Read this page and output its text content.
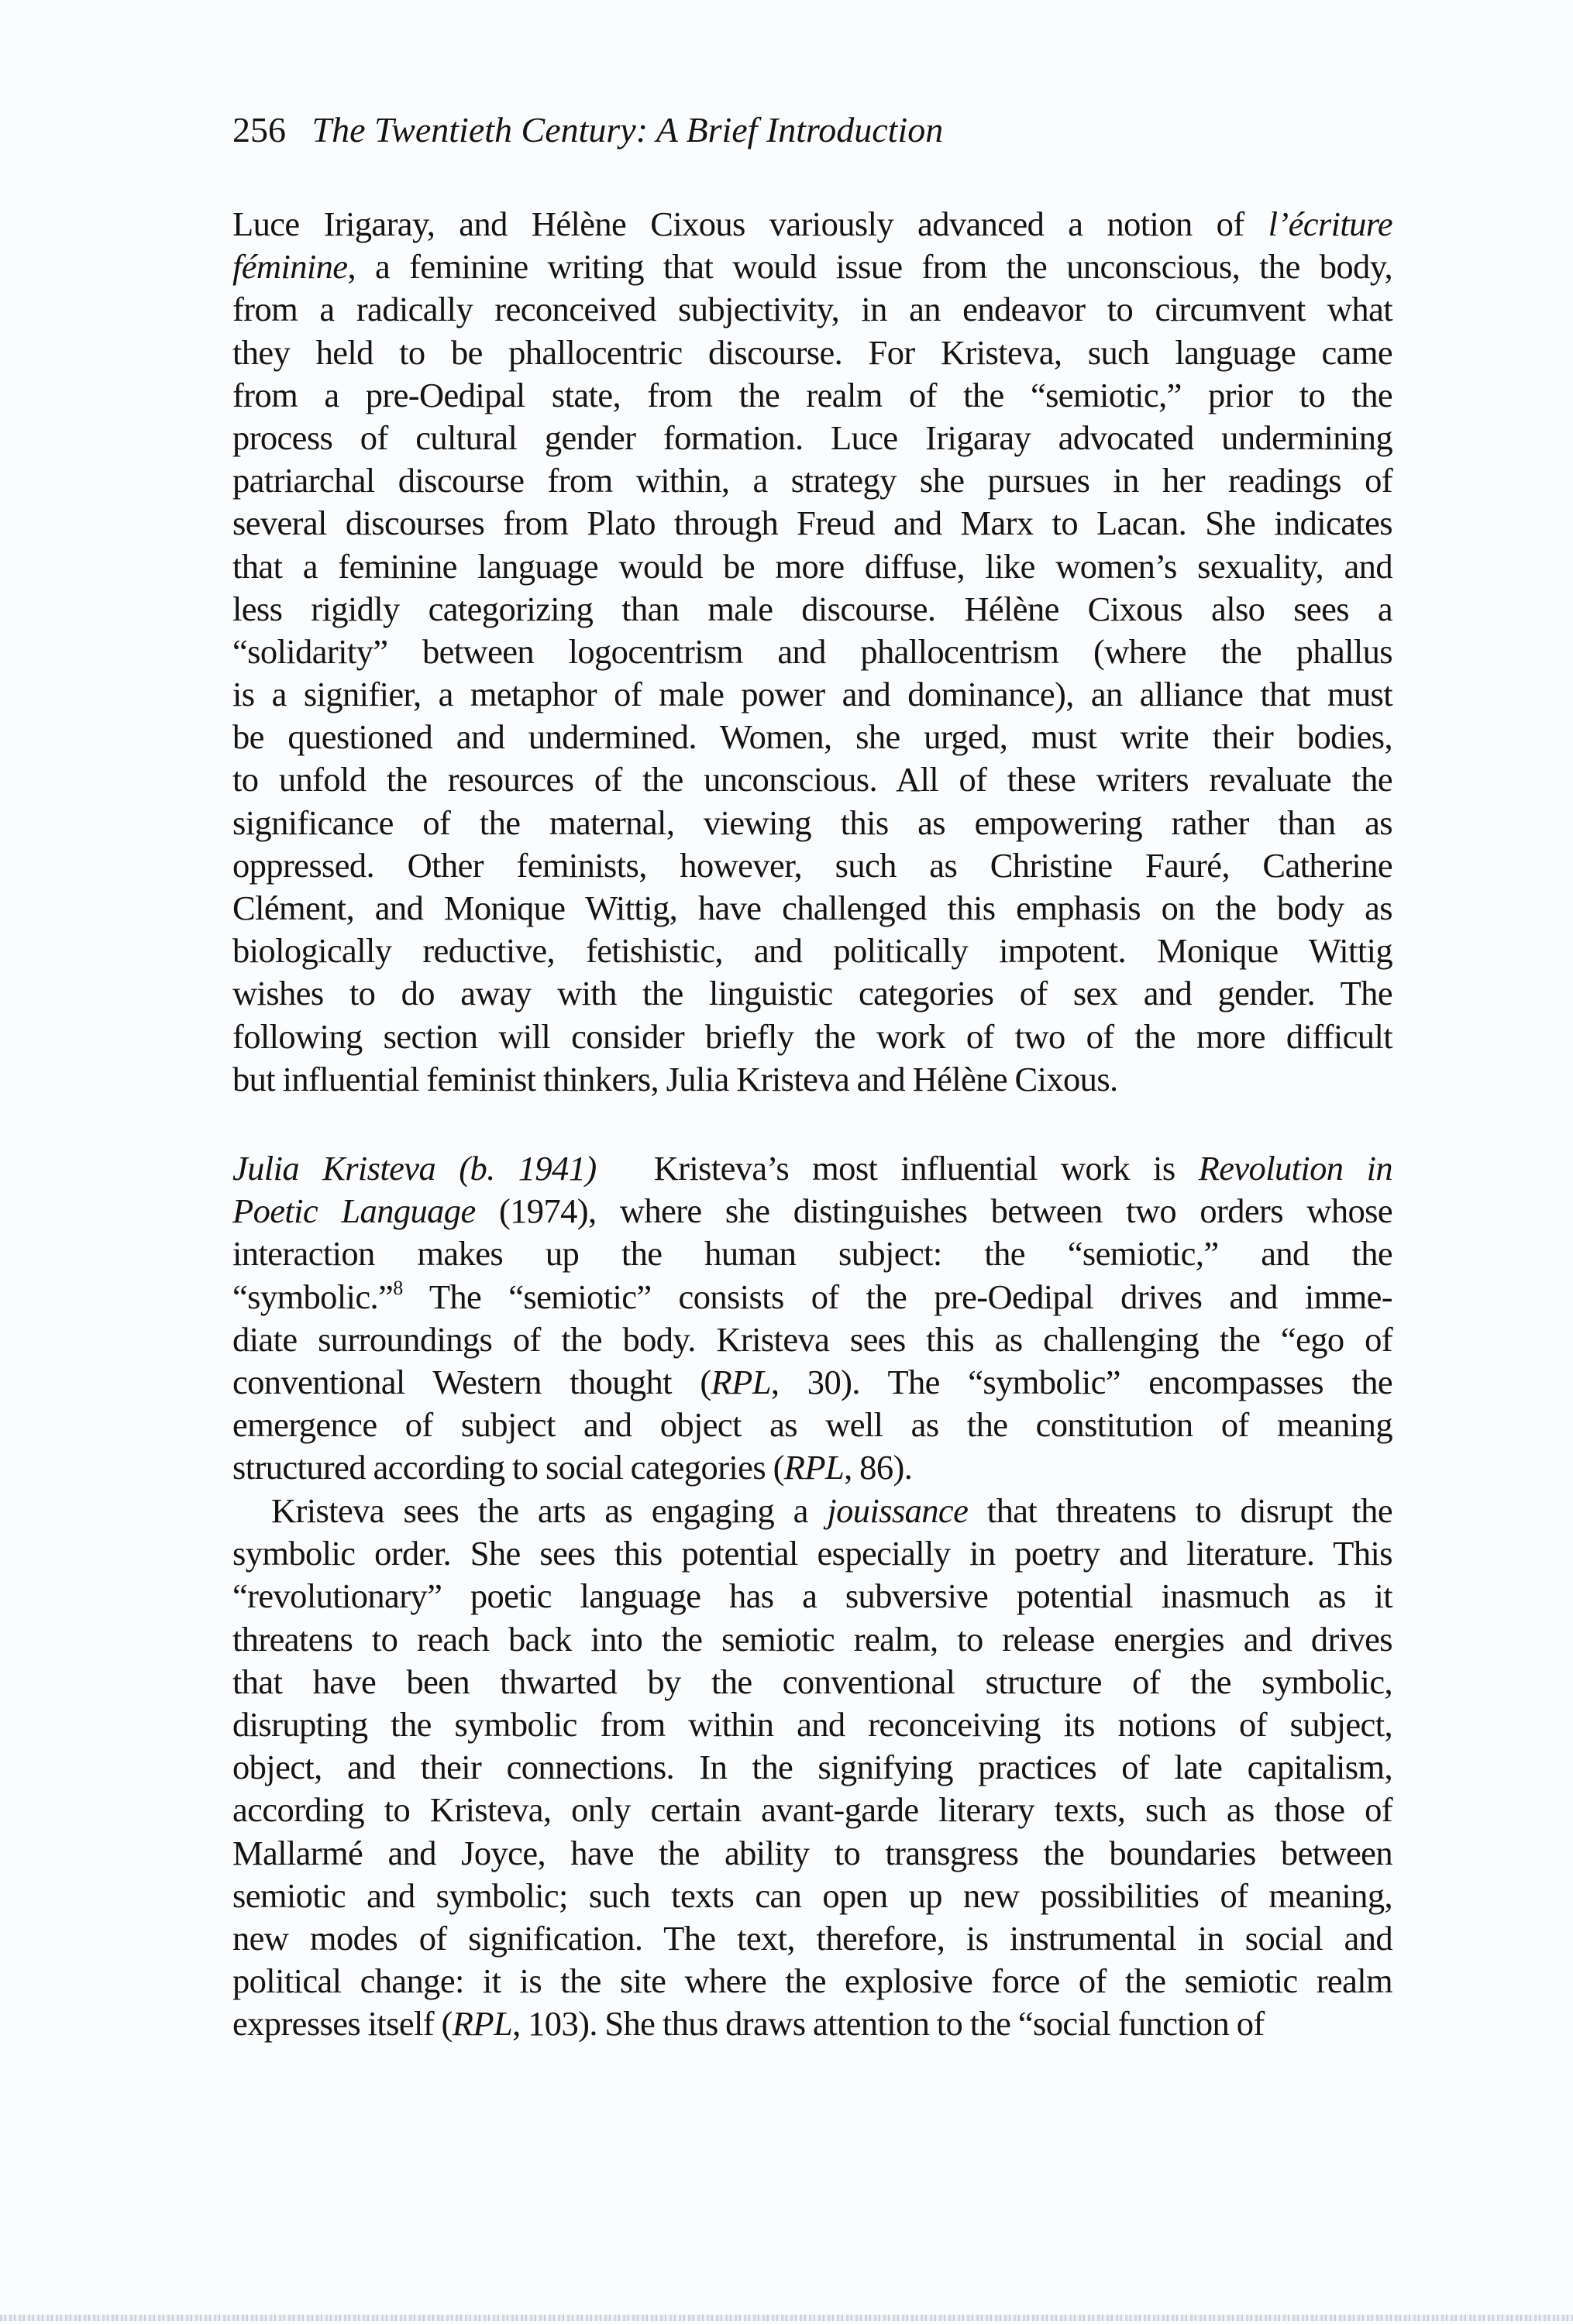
256 The Twentieth Century: A Brief Introduction
Luce Irigaray, and Hélène Cixous variously advanced a notion of l’écriture
féminine, a feminine writing that would issue from the unconscious, the body,
from a radically reconceived subjectivity, in an endeavor to circumvent what
they held to be phallocentric discourse. For Kristeva, such language came
from a pre-Oedipal state, from the realm of the “semiotic,” prior to the
process of cultural gender formation. Luce Irigaray advocated undermining
patriarchal discourse from within, a strategy she pursues in her readings of
several discourses from Plato through Freud and Marx to Lacan. She indicates
that a feminine language would be more diffuse, like women’s sexuality, and
less rigidly categorizing than male discourse. Hélène Cixous also sees a
“solidarity” between logocentrism and phallocentrism (where the phallus
is a signifier, a metaphor of male power and dominance), an alliance that must
be questioned and undermined. Women, she urged, must write their bodies,
to unfold the resources of the unconscious. All of these writers revaluate the
significance of the maternal, viewing this as empowering rather than as
oppressed. Other feminists, however, such as Christine Fauré, Catherine
Clément, and Monique Wittig, have challenged this emphasis on the body as
biologically reductive, fetishistic, and politically impotent. Monique Wittig
wishes to do away with the linguistic categories of sex and gender. The
following section will consider briefly the work of two of the more difficult
but influential feminist thinkers, Julia Kristeva and Hélène Cixous.
Julia Kristeva (b. 1941)  Kristeva’s most influential work is Revolution in
Poetic Language (1974), where she distinguishes between two orders whose
interaction makes up the human subject: the “semiotic,” and the
“symbolic.”$^8$ The “semiotic” consists of the pre-Oedipal drives and imme-
diate surroundings of the body. Kristeva sees this as challenging the “ego of
conventional Western thought (RPL, 30). The “symbolic” encompasses the
emergence of subject and object as well as the constitution of meaning
structured according to social categories (RPL, 86).
Kristeva sees the arts as engaging a jouissance that threatens to disrupt the
symbolic order. She sees this potential especially in poetry and literature. This
“revolutionary” poetic language has a subversive potential inasmuch as it
threatens to reach back into the semiotic realm, to release energies and drives
that have been thwarted by the conventional structure of the symbolic,
disrupting the symbolic from within and reconceiving its notions of subject,
object, and their connections. In the signifying practices of late capitalism,
according to Kristeva, only certain avant-garde literary texts, such as those of
Mallarmé and Joyce, have the ability to transgress the boundaries between
semiotic and symbolic; such texts can open up new possibilities of meaning,
new modes of signification. The text, therefore, is instrumental in social and
political change: it is the site where the explosive force of the semiotic realm
expresses itself (RPL, 103). She thus draws attention to the “social function of
